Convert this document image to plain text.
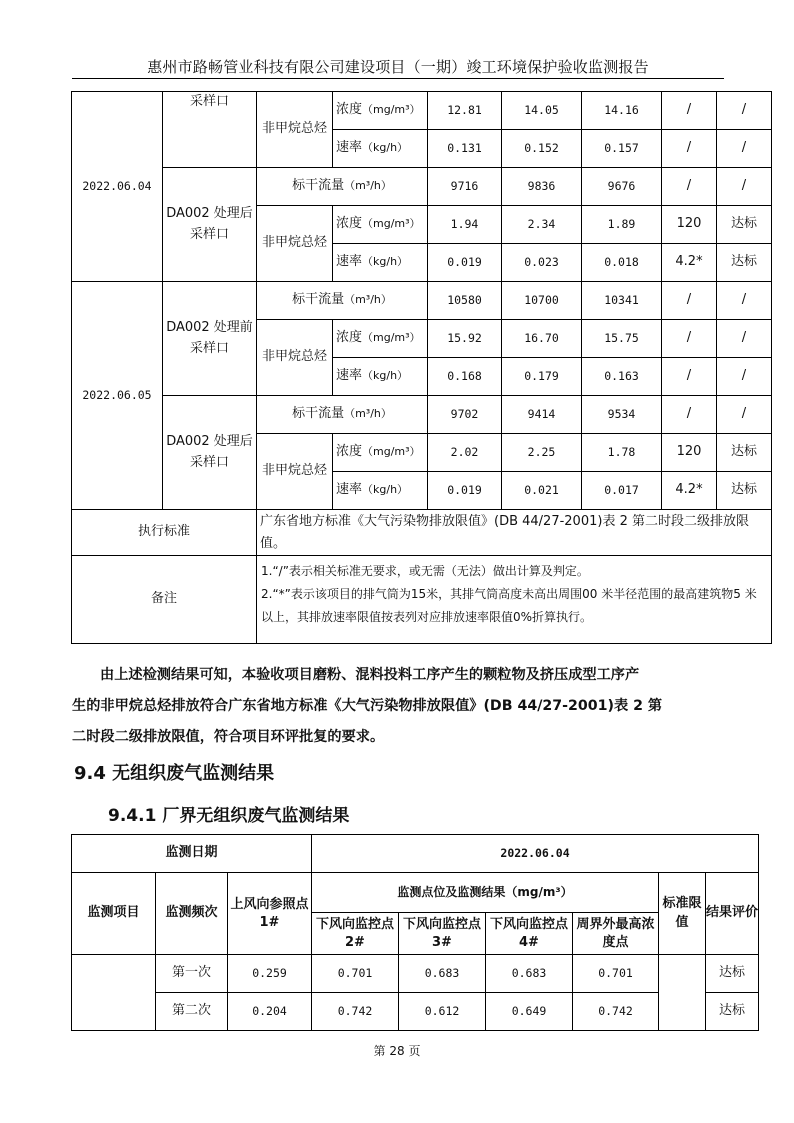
惠州市路畅管业科技有限公司建设项目（一期）竣工环境保护验收监测报告
2022.06.04	采样口	非甲烷总烃	浓度（mg/m³）	12.81	14.05	14.16	/	/
			速率（kg/h）	0.131	0.152	0.157	/	/
	DA002 处理后采样口	标干流量（m³/h）		9716	9836	9676	/	/
		非甲烷总烃	浓度（mg/m³）	1.94	2.34	1.89	120	达标
			速率（kg/h）	0.019	0.023	0.018	4.2*	达标
2022.06.05	DA002 处理前采样口	标干流量（m³/h）		10580	10700	10341	/	/
		非甲烷总烃	浓度（mg/m³）	15.92	16.70	15.75	/	/
			速率（kg/h）	0.168	0.179	0.163	/	/
	DA002 处理后采样口	标干流量（m³/h）		9702	9414	9534	/	/
		非甲烷总烃	浓度（mg/m³）	2.02	2.25	1.78	120	达标
			速率（kg/h）	0.019	0.021	0.017	4.2*	达标
执行标准		广东省地方标准《大气污染物排放限值》(DB 44/27-2001)表 2 第二时段二级排放限值。						
备注		1.“/”表示相关标准无要求，或无需（无法）做出计算及判定。
2.“*”表示该项目的排气筒为15米，其排气筒高度未高出周围00 米半径范围的最高建筑物5 米以上，其排放速率限值按表列对应排放速率限值0%折算执行。						

由上述检测结果可知，本验收项目磨粉、混料投料工序产生的颗粒物及挤压成型工序产

生的非甲烷总烃排放符合广东省地方标准《大气污染物排放限值》(DB 44/27-2001)表 2 第

二时段二级排放限值，符合项目环评批复的要求。

9.4 无组织废气监测结果
9.4.1 厂界无组织废气监测结果
监测日期			2022.06.04					
监测项目	监测频次	上风向参照点 1#	监测点位及监测结果（mg/m³）				标准限值	结果评价
			下风向监控点 2#	下风向监控点 3#	下风向监控点 4#	周界外最高浓度点		
	第一次	0.259	0.701	0.683	0.683	0.701		达标
	第二次	0.204	0.742	0.612	0.649	0.742		达标
第 28 页
